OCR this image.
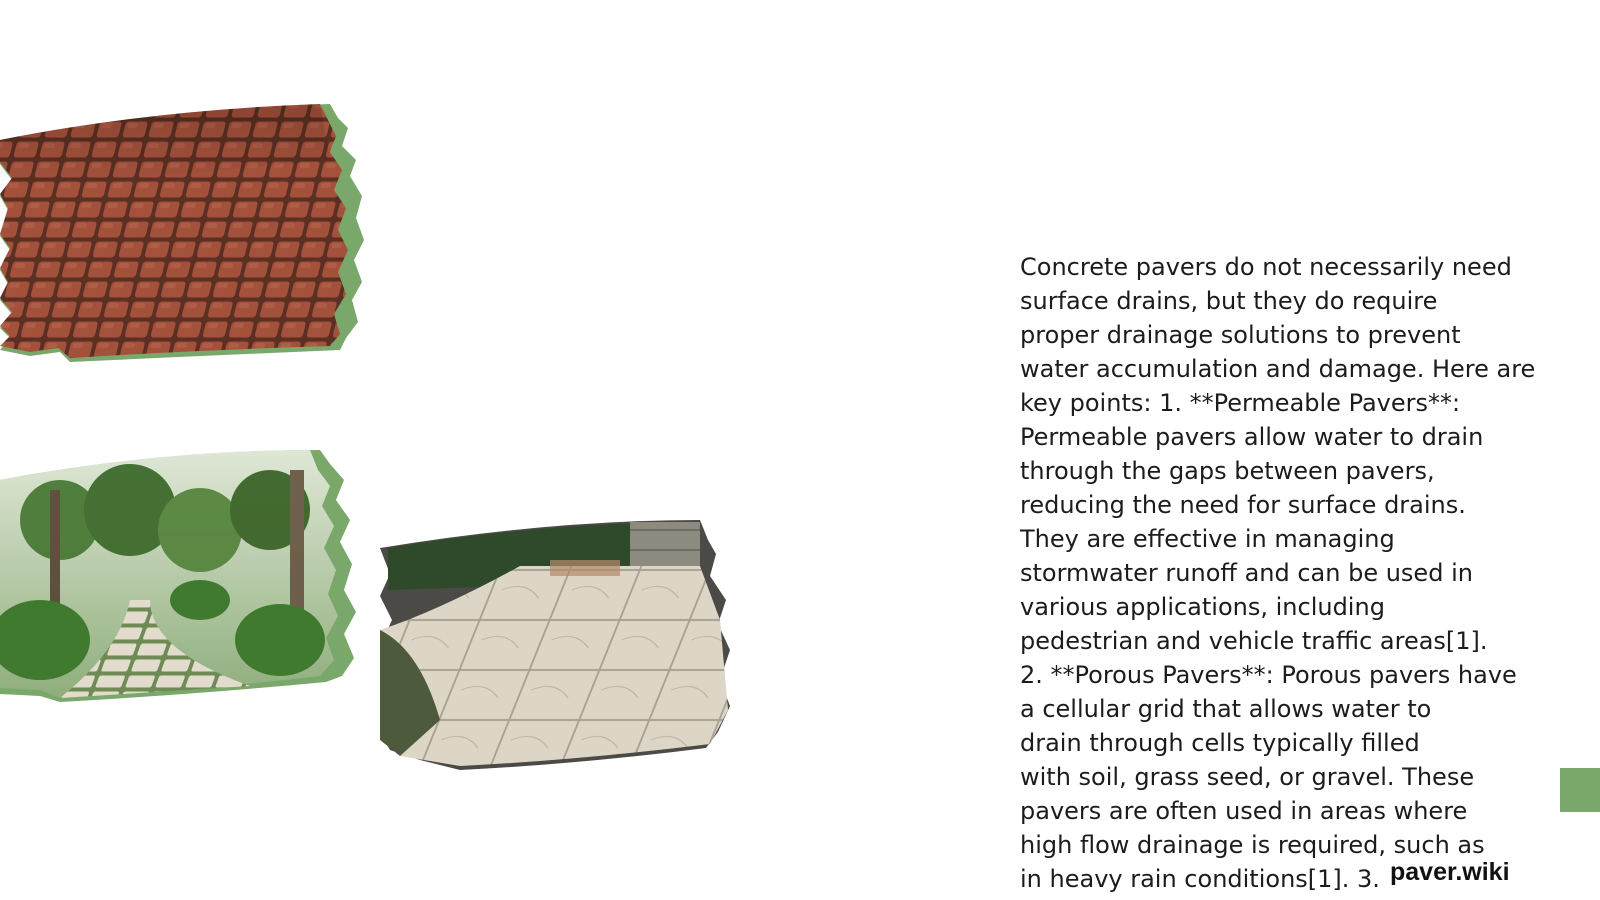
Concrete pavers do not necessarily need
surface drains, but they do require
proper drainage solutions to prevent
water accumulation and damage. Here are
key points: 1. **Permeable Pavers**:
Permeable pavers allow water to drain
through the gaps between pavers,
reducing the need for surface drains.
They are effective in managing
stormwater runoff and can be used in
various applications, including
pedestrian and vehicle traffic areas[1].
2. **Porous Pavers**: Porous pavers have
a cellular grid that allows water to
drain through cells typically filled
with soil, grass seed, or gravel. These
pavers are often used in areas where
high flow drainage is required, such as
in heavy rain conditions[1]. 3. paver.wiki
